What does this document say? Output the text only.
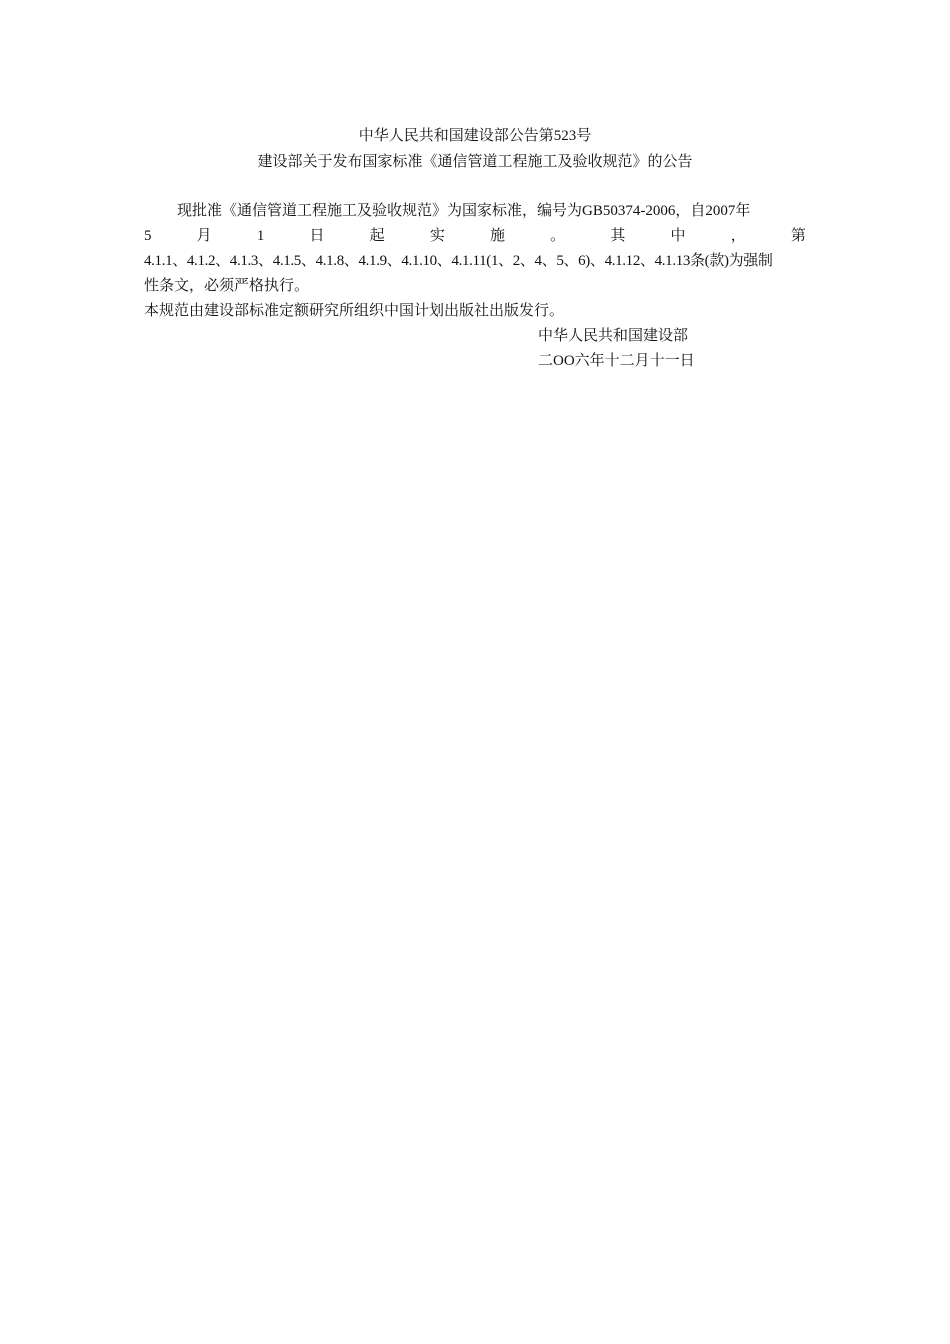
中华人民共和国建设部公告第523号
建设部关于发布国家标准《通信管道工程施工及验收规范》的公告
现批准《通信管道工程施工及验收规范》为国家标准，编号为GB50374-2006，自2007年
5	月	1	日	起	实	施	。	其	中	，	第
4.1.1、4.1.2、4.1.3、4.1.5、4.1.8、4.1.9、4.1.10、4.1.11(1、2、4、5、6)、4.1.12、4.1.13条(款)为强制
性条文，必须严格执行。
本规范由建设部标准定额研究所组织中国计划出版社出版发行。
中华人民共和国建设部
二OO六年十二月十一日
